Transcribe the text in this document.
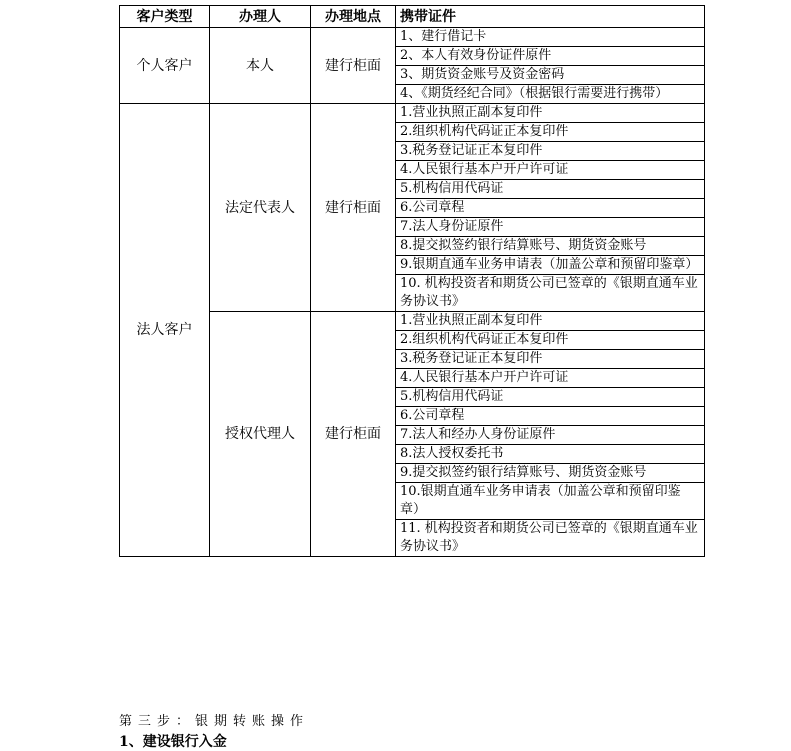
客户类型	办理人	办理地点	携带证件
个人客户	本人	建行柜面	1、建行借记卡
			2、本人有效身份证件原件
			3、期货资金账号及资金密码
			4、《期货经纪合同》（根据银行需要进行携带）
法人客户	法定代表人	建行柜面	1.营业执照正副本复印件
			2.组织机构代码证正本复印件
			3.税务登记证正本复印件
			4.人民银行基本户开户许可证
			5.机构信用代码证
			6.公司章程
			7.法人身份证原件
			8.提交拟签约银行结算账号、期货资金账号
			9.银期直通车业务申请表（加盖公章和预留印鉴章）
			10. 机构投资者和期货公司已签章的《银期直通车业务协议书》
	授权代理人	建行柜面	1.营业执照正副本复印件
			2.组织机构代码证正本复印件
			3.税务登记证正本复印件
			4.人民银行基本户开户许可证
			5.机构信用代码证
			6.公司章程
			7.法人和经办人身份证原件
			8.法人授权委托书
			9.提交拟签约银行结算账号、期货资金账号
			10.银期直通车业务申请表（加盖公章和预留印鉴章）
			11. 机构投资者和期货公司已签章的《银期直通车业务协议书》
第三步：银期转账操作
1、建设银行入金
